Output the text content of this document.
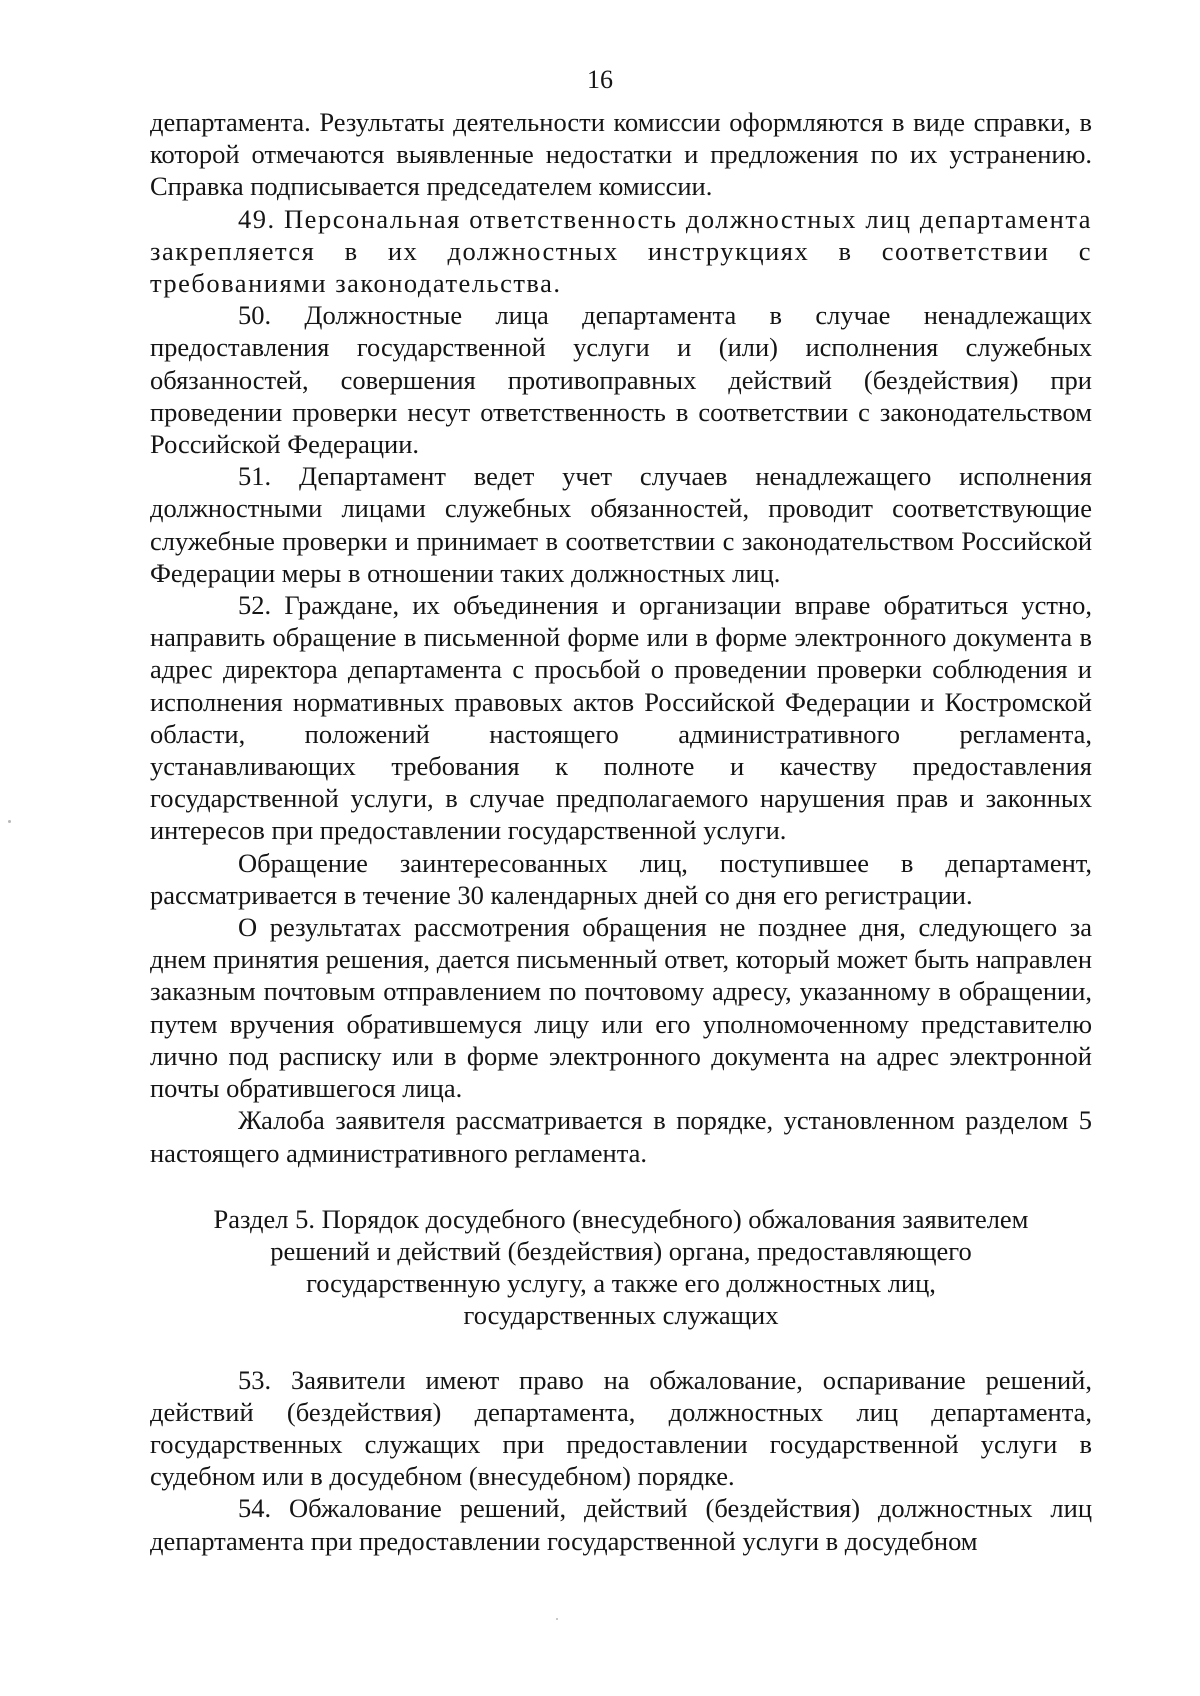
16

департамента. Результаты деятельности комиссии оформляются в виде справки, в которой отмечаются выявленные недостатки и предложения по их устранению. Справка подписывается председателем комиссии.

49. Персональная ответственность должностных лиц департамента закрепляется в их должностных инструкциях в соответствии с требованиями законодательства.

50. Должностные лица департамента в случае ненадлежащих предоставления государственной услуги и (или) исполнения служебных обязанностей, совершения противоправных действий (бездействия) при проведении проверки несут ответственность в соответствии с законодательством Российской Федерации.

51. Департамент ведет учет случаев ненадлежащего исполнения должностными лицами служебных обязанностей, проводит соответствующие служебные проверки и принимает в соответствии с законодательством Российской Федерации меры в отношении таких должностных лиц.

52. Граждане, их объединения и организации вправе обратиться устно, направить обращение в письменной форме или в форме электронного документа в адрес директора департамента с просьбой о проведении проверки соблюдения и исполнения нормативных правовых актов Российской Федерации и Костромской области, положений настоящего административного регламента, устанавливающих требования к полноте и качеству предоставления государственной услуги, в случае предполагаемого нарушения прав и законных интересов при предоставлении государственной услуги.

Обращение заинтересованных лиц, поступившее в департамент, рассматривается в течение 30 календарных дней со дня его регистрации.

О результатах рассмотрения обращения не позднее дня, следующего за днем принятия решения, дается письменный ответ, который может быть направлен заказным почтовым отправлением по почтовому адресу, указанному в обращении, путем вручения обратившемуся лицу или его уполномоченному представителю лично под расписку или в форме электронного документа на адрес электронной почты обратившегося лица.

Жалоба заявителя рассматривается в порядке, установленном разделом 5 настоящего административного регламента.

Раздел 5. Порядок досудебного (внесудебного) обжалования заявителем
решений и действий (бездействия) органа, предоставляющего
государственную услугу, а также его должностных лиц,
государственных служащих

53. Заявители имеют право на обжалование, оспаривание решений, действий (бездействия) департамента, должностных лиц департамента, государственных служащих при предоставлении государственной услуги в судебном или в досудебном (внесудебном) порядке.

54. Обжалование решений, действий (бездействия) должностных лиц департамента при предоставлении государственной услуги в досудебном
